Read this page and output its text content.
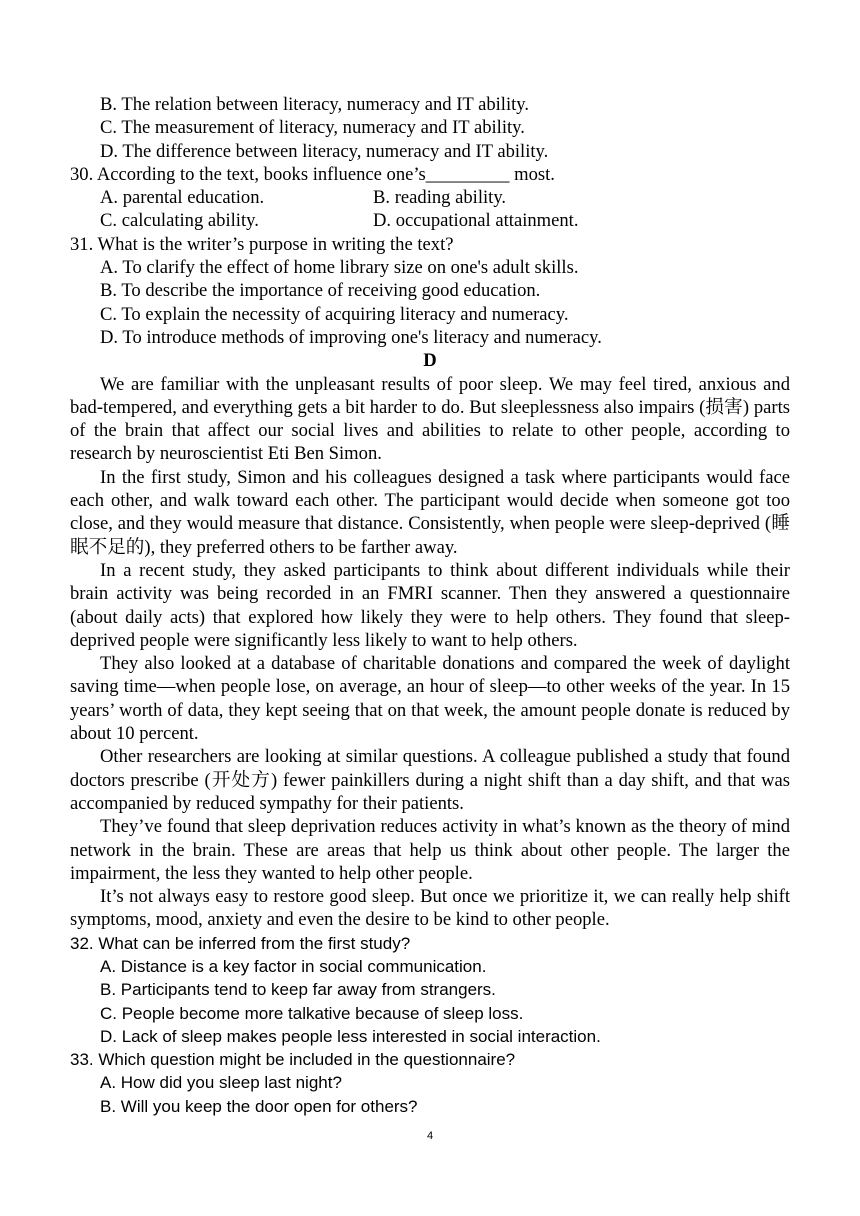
B. The relation between literacy, numeracy and IT ability.
C. The measurement of literacy, numeracy and IT ability.
D. The difference between literacy, numeracy and IT ability.
30. According to the text, books influence one’s_________ most.
A. parental education.	B. reading ability.
C. calculating ability.	D. occupational attainment.
31. What is the writer’s purpose in writing the text?
A. To clarify the effect of home library size on one's adult skills.
B. To describe the importance of receiving good education.
C. To explain the necessity of acquiring literacy and numeracy.
D. To introduce methods of improving one's literacy and numeracy.
D

We are familiar with the unpleasant results of poor sleep. We may feel tired, anxious and bad-tempered, and everything gets a bit harder to do. But sleeplessness also impairs (损害) parts of the brain that affect our social lives and abilities to relate to other people, according to research by neuroscientist Eti Ben Simon.

In the first study, Simon and his colleagues designed a task where participants would face each other, and walk toward each other. The participant would decide when someone got too close, and they would measure that distance. Consistently, when people were sleep-deprived (睡眠不足的), they preferred others to be farther away.

In a recent study, they asked participants to think about different individuals while their brain activity was being recorded in an FMRI scanner. Then they answered a questionnaire (about daily acts) that explored how likely they were to help others. They found that sleep-deprived people were significantly less likely to want to help others.

They also looked at a database of charitable donations and compared the week of daylight saving time—when people lose, on average, an hour of sleep—to other weeks of the year. In 15 years’ worth of data, they kept seeing that on that week, the amount people donate is reduced by about 10 percent.

Other researchers are looking at similar questions. A colleague published a study that found doctors prescribe (开处方) fewer painkillers during a night shift than a day shift, and that was accompanied by reduced sympathy for their patients.

They’ve found that sleep deprivation reduces activity in what’s known as the theory of mind network in the brain. These are areas that help us think about other people. The larger the impairment, the less they wanted to help other people.

It’s not always easy to restore good sleep. But once we prioritize it, we can really help shift symptoms, mood, anxiety and even the desire to be kind to other people.

32. What can be inferred from the first study?
A. Distance is a key factor in social communication.
B. Participants tend to keep far away from strangers.
C. People become more talkative because of sleep loss.
D. Lack of sleep makes people less interested in social interaction.
33. Which question might be included in the questionnaire?
A. How did you sleep last night?
B. Will you keep the door open for others?
4
